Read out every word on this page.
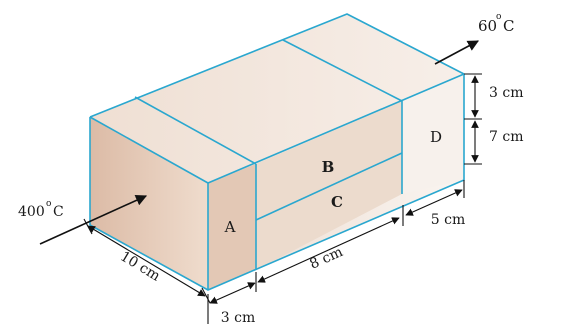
A
B
C
D
400 o C
60
o C
10 cm
3 cm
8 cm
5 cm
3 cm
7 cm
